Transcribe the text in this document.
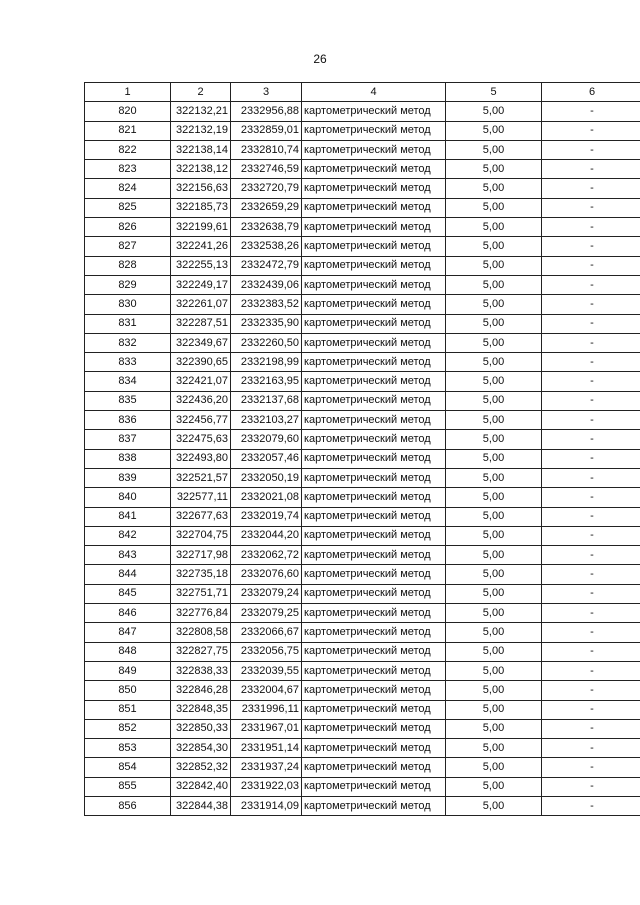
26
1	2	3	4	5	6
820	322132,21	2332956,88	картометрический метод	5,00	-
821	322132,19	2332859,01	картометрический метод	5,00	-
822	322138,14	2332810,74	картометрический метод	5,00	-
823	322138,12	2332746,59	картометрический метод	5,00	-
824	322156,63	2332720,79	картометрический метод	5,00	-
825	322185,73	2332659,29	картометрический метод	5,00	-
826	322199,61	2332638,79	картометрический метод	5,00	-
827	322241,26	2332538,26	картометрический метод	5,00	-
828	322255,13	2332472,79	картометрический метод	5,00	-
829	322249,17	2332439,06	картометрический метод	5,00	-
830	322261,07	2332383,52	картометрический метод	5,00	-
831	322287,51	2332335,90	картометрический метод	5,00	-
832	322349,67	2332260,50	картометрический метод	5,00	-
833	322390,65	2332198,99	картометрический метод	5,00	-
834	322421,07	2332163,95	картометрический метод	5,00	-
835	322436,20	2332137,68	картометрический метод	5,00	-
836	322456,77	2332103,27	картометрический метод	5,00	-
837	322475,63	2332079,60	картометрический метод	5,00	-
838	322493,80	2332057,46	картометрический метод	5,00	-
839	322521,57	2332050,19	картометрический метод	5,00	-
840	322577,11	2332021,08	картометрический метод	5,00	-
841	322677,63	2332019,74	картометрический метод	5,00	-
842	322704,75	2332044,20	картометрический метод	5,00	-
843	322717,98	2332062,72	картометрический метод	5,00	-
844	322735,18	2332076,60	картометрический метод	5,00	-
845	322751,71	2332079,24	картометрический метод	5,00	-
846	322776,84	2332079,25	картометрический метод	5,00	-
847	322808,58	2332066,67	картометрический метод	5,00	-
848	322827,75	2332056,75	картометрический метод	5,00	-
849	322838,33	2332039,55	картометрический метод	5,00	-
850	322846,28	2332004,67	картометрический метод	5,00	-
851	322848,35	2331996,11	картометрический метод	5,00	-
852	322850,33	2331967,01	картометрический метод	5,00	-
853	322854,30	2331951,14	картометрический метод	5,00	-
854	322852,32	2331937,24	картометрический метод	5,00	-
855	322842,40	2331922,03	картометрический метод	5,00	-
856	322844,38	2331914,09	картометрический метод	5,00	-
